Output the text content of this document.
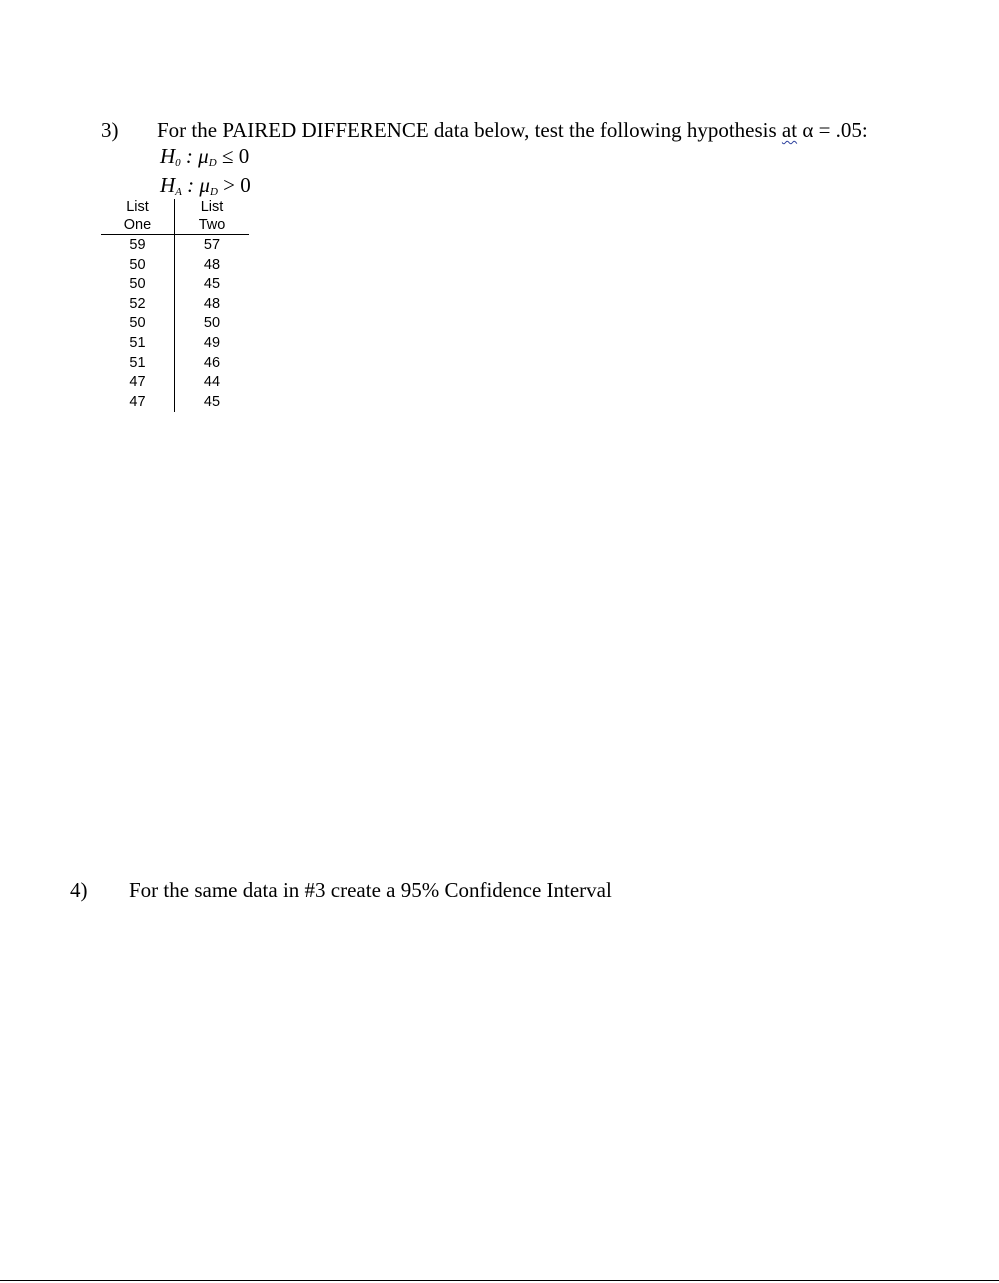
3) For the PAIRED DIFFERENCE data below, test the following hypothesis at α = .05:
$H_0$ : $\mu_D \le 0$
$H_A$ : $\mu_D > 0$
List	List
One	Two
59	57
50	48
50	45
52	48
50	50
51	49
51	46
47	44
47	45
4) For the same data in #3 create a 95% Confidence Interval
